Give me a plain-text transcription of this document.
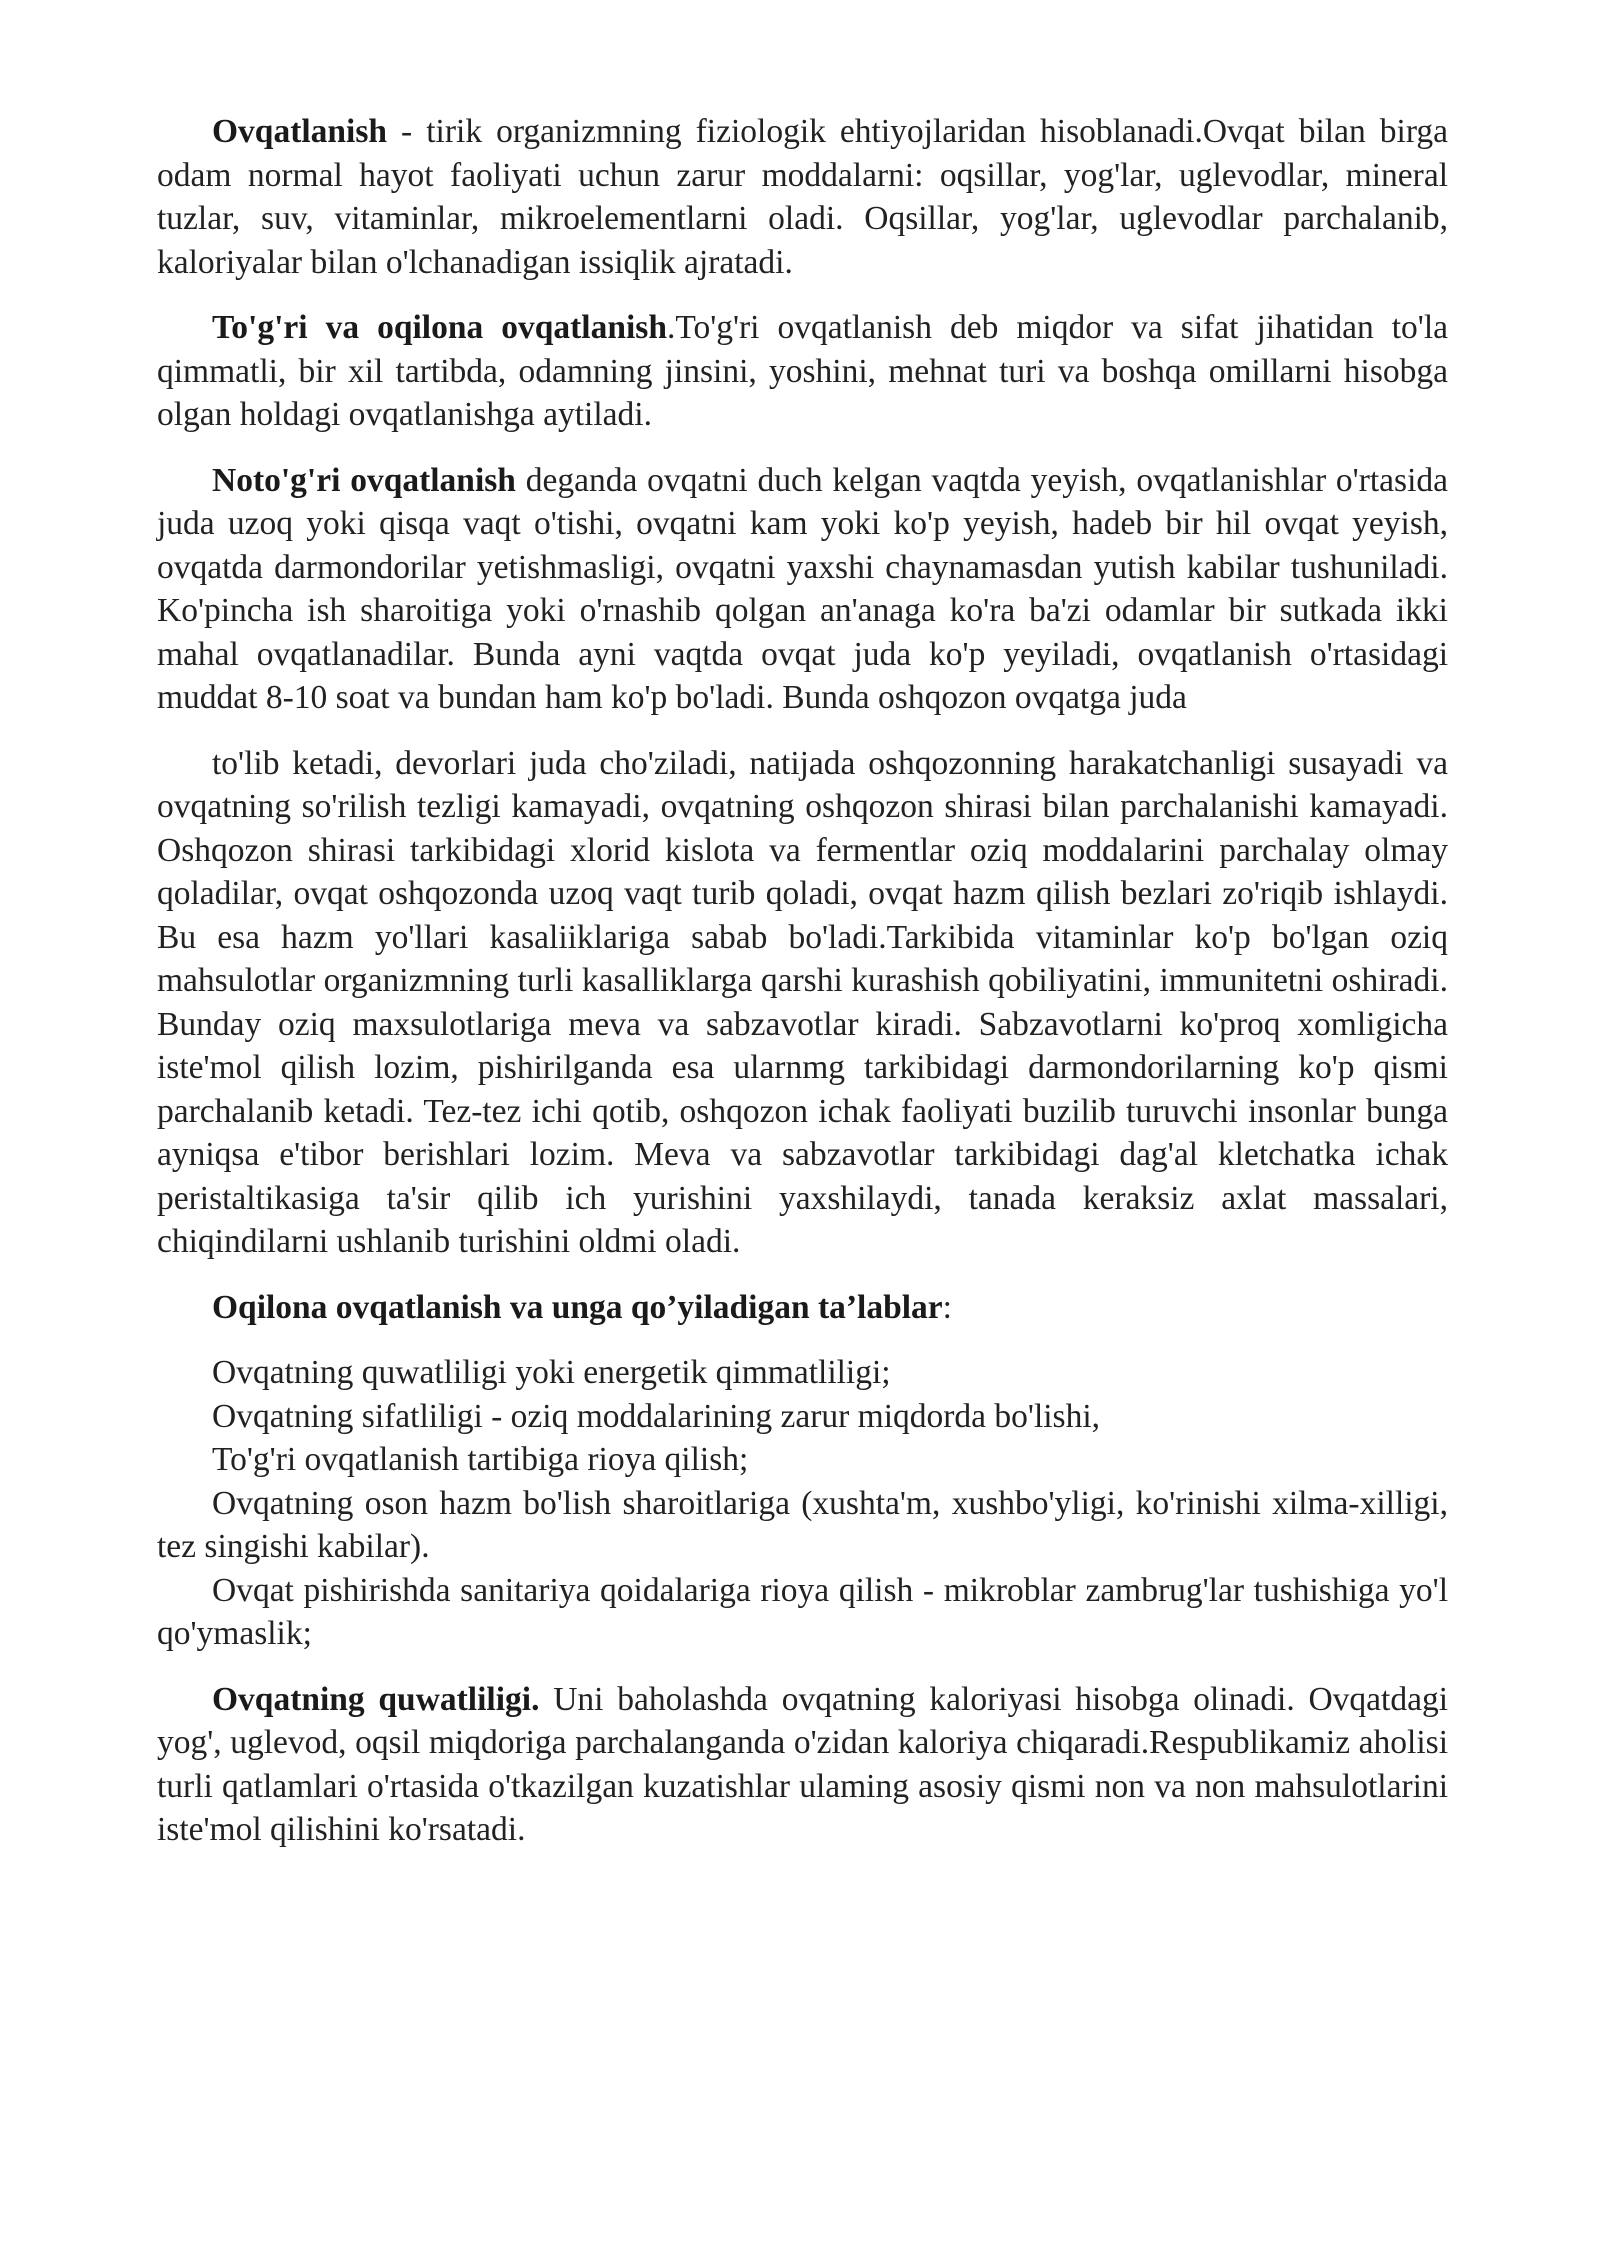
Ovqatlanish - tirik organizmning fiziologik ehtiyojlaridan hisoblanadi.Ovqat bilan birga odam normal hayot faoliyati uchun zarur moddalarni: oqsillar, yog'lar, uglevodlar, mineral tuzlar, suv, vitaminlar, mikroelementlarni oladi. Oqsillar, yog'lar, uglevodlar parchalanib, kaloriyalar bilan o'lchanadigan issiqlik ajratadi.

To'g'ri va oqilona ovqatlanish.To'g'ri ovqatlanish deb miqdor va sifat jihatidan to'la qimmatli, bir xil tartibda, odamning jinsini, yoshini, mehnat turi va boshqa omillarni hisobga olgan holdagi ovqatlanishga aytiladi.

Noto'g'ri ovqatlanish deganda ovqatni duch kelgan vaqtda yeyish, ovqatlanishlar o'rtasida juda uzoq yoki qisqa vaqt o'tishi, ovqatni kam yoki ko'p yeyish, hadeb bir hil ovqat yeyish, ovqatda darmondorilar yetishmasligi, ovqatni yaxshi chaynamasdan yutish kabilar tushuniladi. Ko'pincha ish sharoitiga yoki o'rnashib qolgan an'anaga ko'ra ba'zi odamlar bir sutkada ikki mahal ovqatlanadilar. Bunda ayni vaqtda ovqat juda ko'p yeyiladi, ovqatlanish o'rtasidagi muddat 8-10 soat va bundan ham ko'p bo'ladi. Bunda oshqozon ovqatga juda

to'lib ketadi, devorlari juda cho'ziladi, natijada oshqozonning harakatchanligi susayadi va ovqatning so'rilish tezligi kamayadi, ovqatning oshqozon shirasi bilan parchalanishi kamayadi. Oshqozon shirasi tarkibidagi xlorid kislota va fermentlar oziq moddalarini parchalay olmay qoladilar, ovqat oshqozonda uzoq vaqt turib qoladi, ovqat hazm qilish bezlari zo'riqib ishlaydi. Bu esa hazm yo'llari kasaliiklariga sabab bo'ladi.Tarkibida vitaminlar ko'p bo'lgan oziq mahsulotlar organizmning turli kasalliklarga qarshi kurashish qobiliyatini, immunitetni oshiradi. Bunday oziq maxsulotlariga meva va sabzavotlar kiradi. Sabzavotlarni ko'proq xomligicha iste'mol qilish lozim, pishirilganda esa ularnmg tarkibidagi darmondorilarning ko'p qismi parchalanib ketadi. Tez-tez ichi qotib, oshqozon ichak faoliyati buzilib turuvchi insonlar bunga ayniqsa e'tibor berishlari lozim. Meva va sabzavotlar tarkibidagi dag'al kletchatka ichak peristaltikasiga ta'sir qilib ich yurishini yaxshilaydi, tanada keraksiz axlat massalari, chiqindilarni ushlanib turishini oldmi oladi.

Oqilona ovqatlanish va unga qo’yiladigan ta’lablar:

Ovqatning quwatliligi yoki energetik qimmatliligi;

Ovqatning sifatliligi - oziq moddalarining zarur miqdorda bo'lishi,

To'g'ri ovqatlanish tartibiga rioya qilish;

Ovqatning oson hazm bo'lish sharoitlariga (xushta'm, xushbo'yligi, ko'rinishi xilma-xilligi, tez singishi kabilar).

Ovqat pishirishda sanitariya qoidalariga rioya qilish - mikroblar zambrug'lar tushishiga yo'l qo'ymaslik;

Ovqatning quwatliligi. Uni baholashda ovqatning kaloriyasi hisobga olinadi. Ovqatdagi yog', uglevod, oqsil miqdoriga parchalanganda o'zidan kaloriya chiqaradi.Respublikamiz aholisi turli qatlamlari o'rtasida o'tkazilgan kuzatishlar ulaming asosiy qismi non va non mahsulotlarini iste'mol qilishini ko'rsatadi.
